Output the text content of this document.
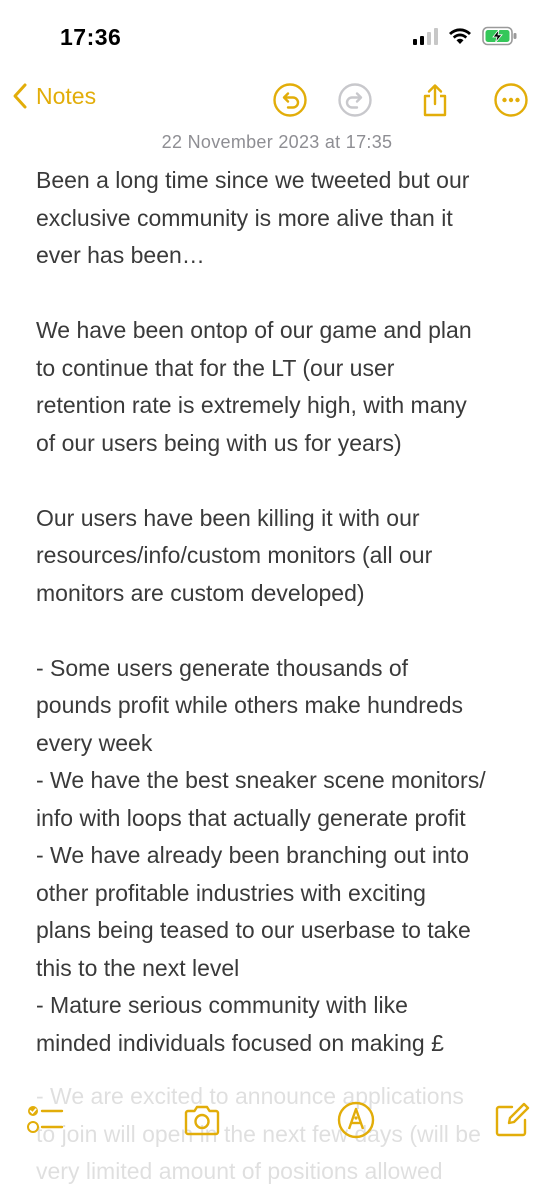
17:36
Notes
22 November 2023 at 17:35
Been a long time since we tweeted but our
exclusive community is more alive than it
ever has been…
We have been ontop of our game and plan
to continue that for the LT (our user
retention rate is extremely high, with many
of our users being with us for years)
Our users have been killing it with our
resources/info/custom monitors (all our
monitors are custom developed)
- Some users generate thousands of
pounds profit while others make hundreds
every week
- We have the best sneaker scene monitors/
info with loops that actually generate profit
- We have already been branching out into
other profitable industries with exciting
plans being teased to our userbase to take
this to the next level
- Mature serious community with like
minded individuals focused on making £
- We are excited to announce applications
to join will open in the next few days (will be
very limited amount of positions allowed
